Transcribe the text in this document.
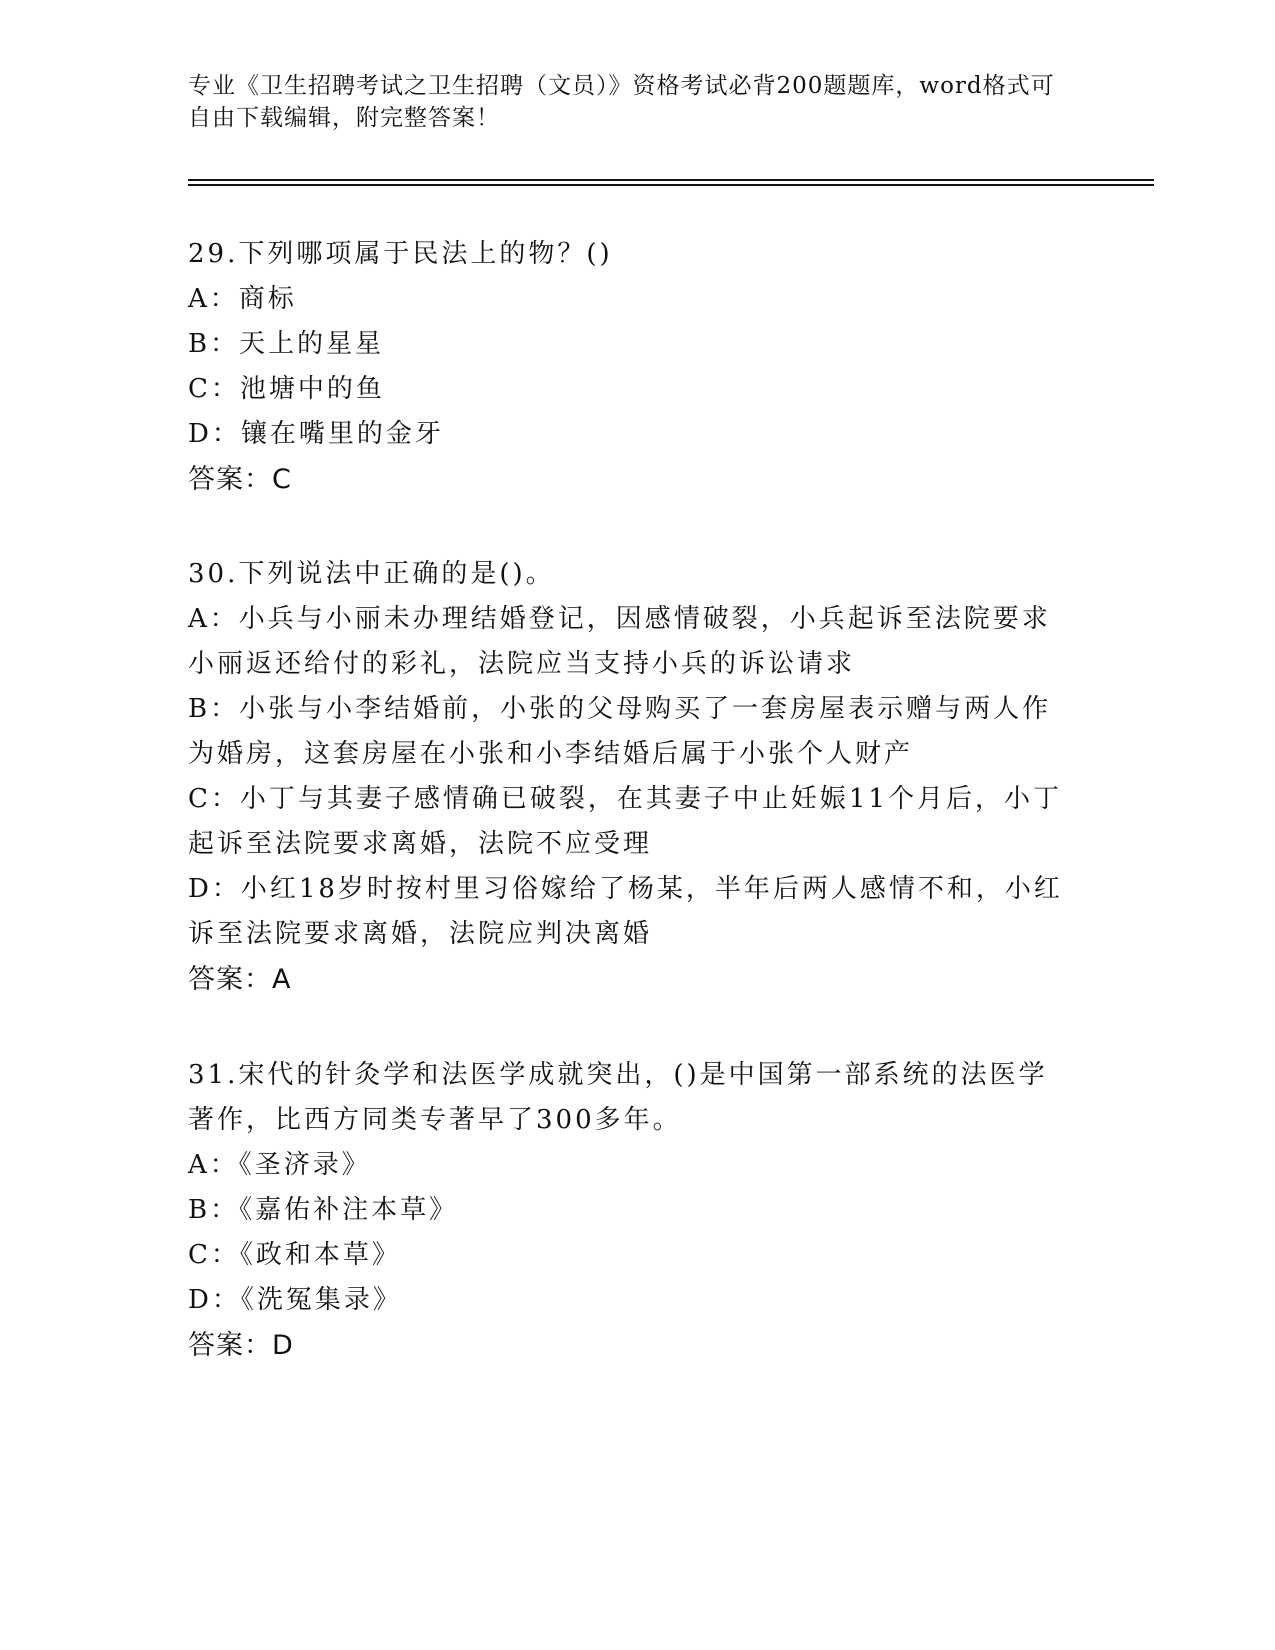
专业《卫生招聘考试之卫生招聘（文员）》资格考试必背200题题库，word格式可自由下载编辑，附完整答案！
29.下列哪项属于民法上的物？()
A：商标
B：天上的星星
C：池塘中的鱼
D：镶在嘴里的金牙
答案：C
30.下列说法中正确的是()。
A：小兵与小丽未办理结婚登记，因感情破裂，小兵起诉至法院要求小丽返还给付的彩礼，法院应当支持小兵的诉讼请求
B：小张与小李结婚前，小张的父母购买了一套房屋表示赠与两人作为婚房，这套房屋在小张和小李结婚后属于小张个人财产
C：小丁与其妻子感情确已破裂，在其妻子中止妊娠11个月后，小丁起诉至法院要求离婚，法院不应受理
D：小红18岁时按村里习俗嫁给了杨某，半年后两人感情不和，小红诉至法院要求离婚，法院应判决离婚
答案：A
31.宋代的针灸学和法医学成就突出，()是中国第一部系统的法医学著作，比西方同类专著早了300多年。
A：《圣济录》
B：《嘉佑补注本草》
C：《政和本草》
D：《洗冤集录》
答案：D
